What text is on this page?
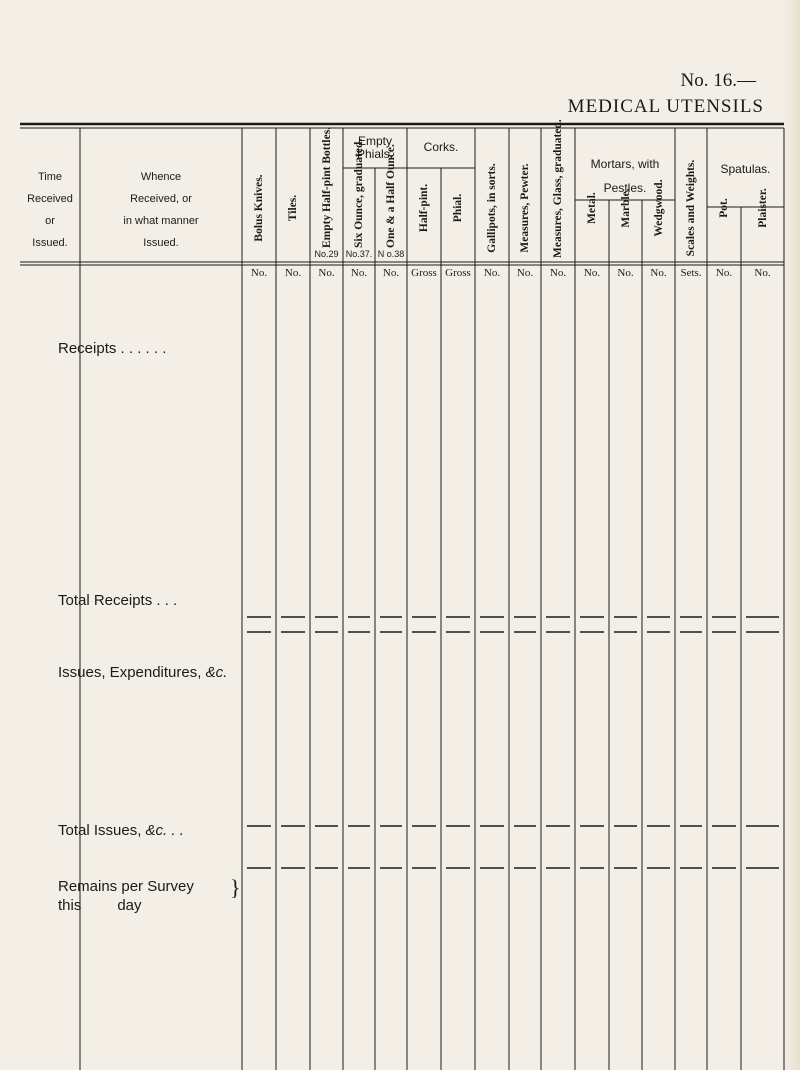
No. 16.—
MEDICAL UTENSILS
Time
Received
or
Issued.
Whence
Received, or
in what manner
Issued.
Empty Phials.	Corks.
Mortars, with
Pestles.
Spatulas.
Bolus Knives.
No.
Tiles.
No.
Empty Half-pint Bottles.
No.29
No.
Six Ounce, graduated.
No.37.
No.
One & a Half Ounce.
N o.38
No.
Half-pint.
Gross
Phial.
Gross
Gallipots, in sorts.
No.
Measures, Pewter.
No.
Measures, Glass, graduated.
No.
Metal.
No.
Marble.
No.
Wedgwood.
No.
Scales and Weights.
Sets.
Pot.
No.
Plaister.
No.
Receipts . . . . . .
Total Receipts . . .
Issues, Expenditures, &c.
Total Issues, &c. . .
Remains per Survey
this day
}
